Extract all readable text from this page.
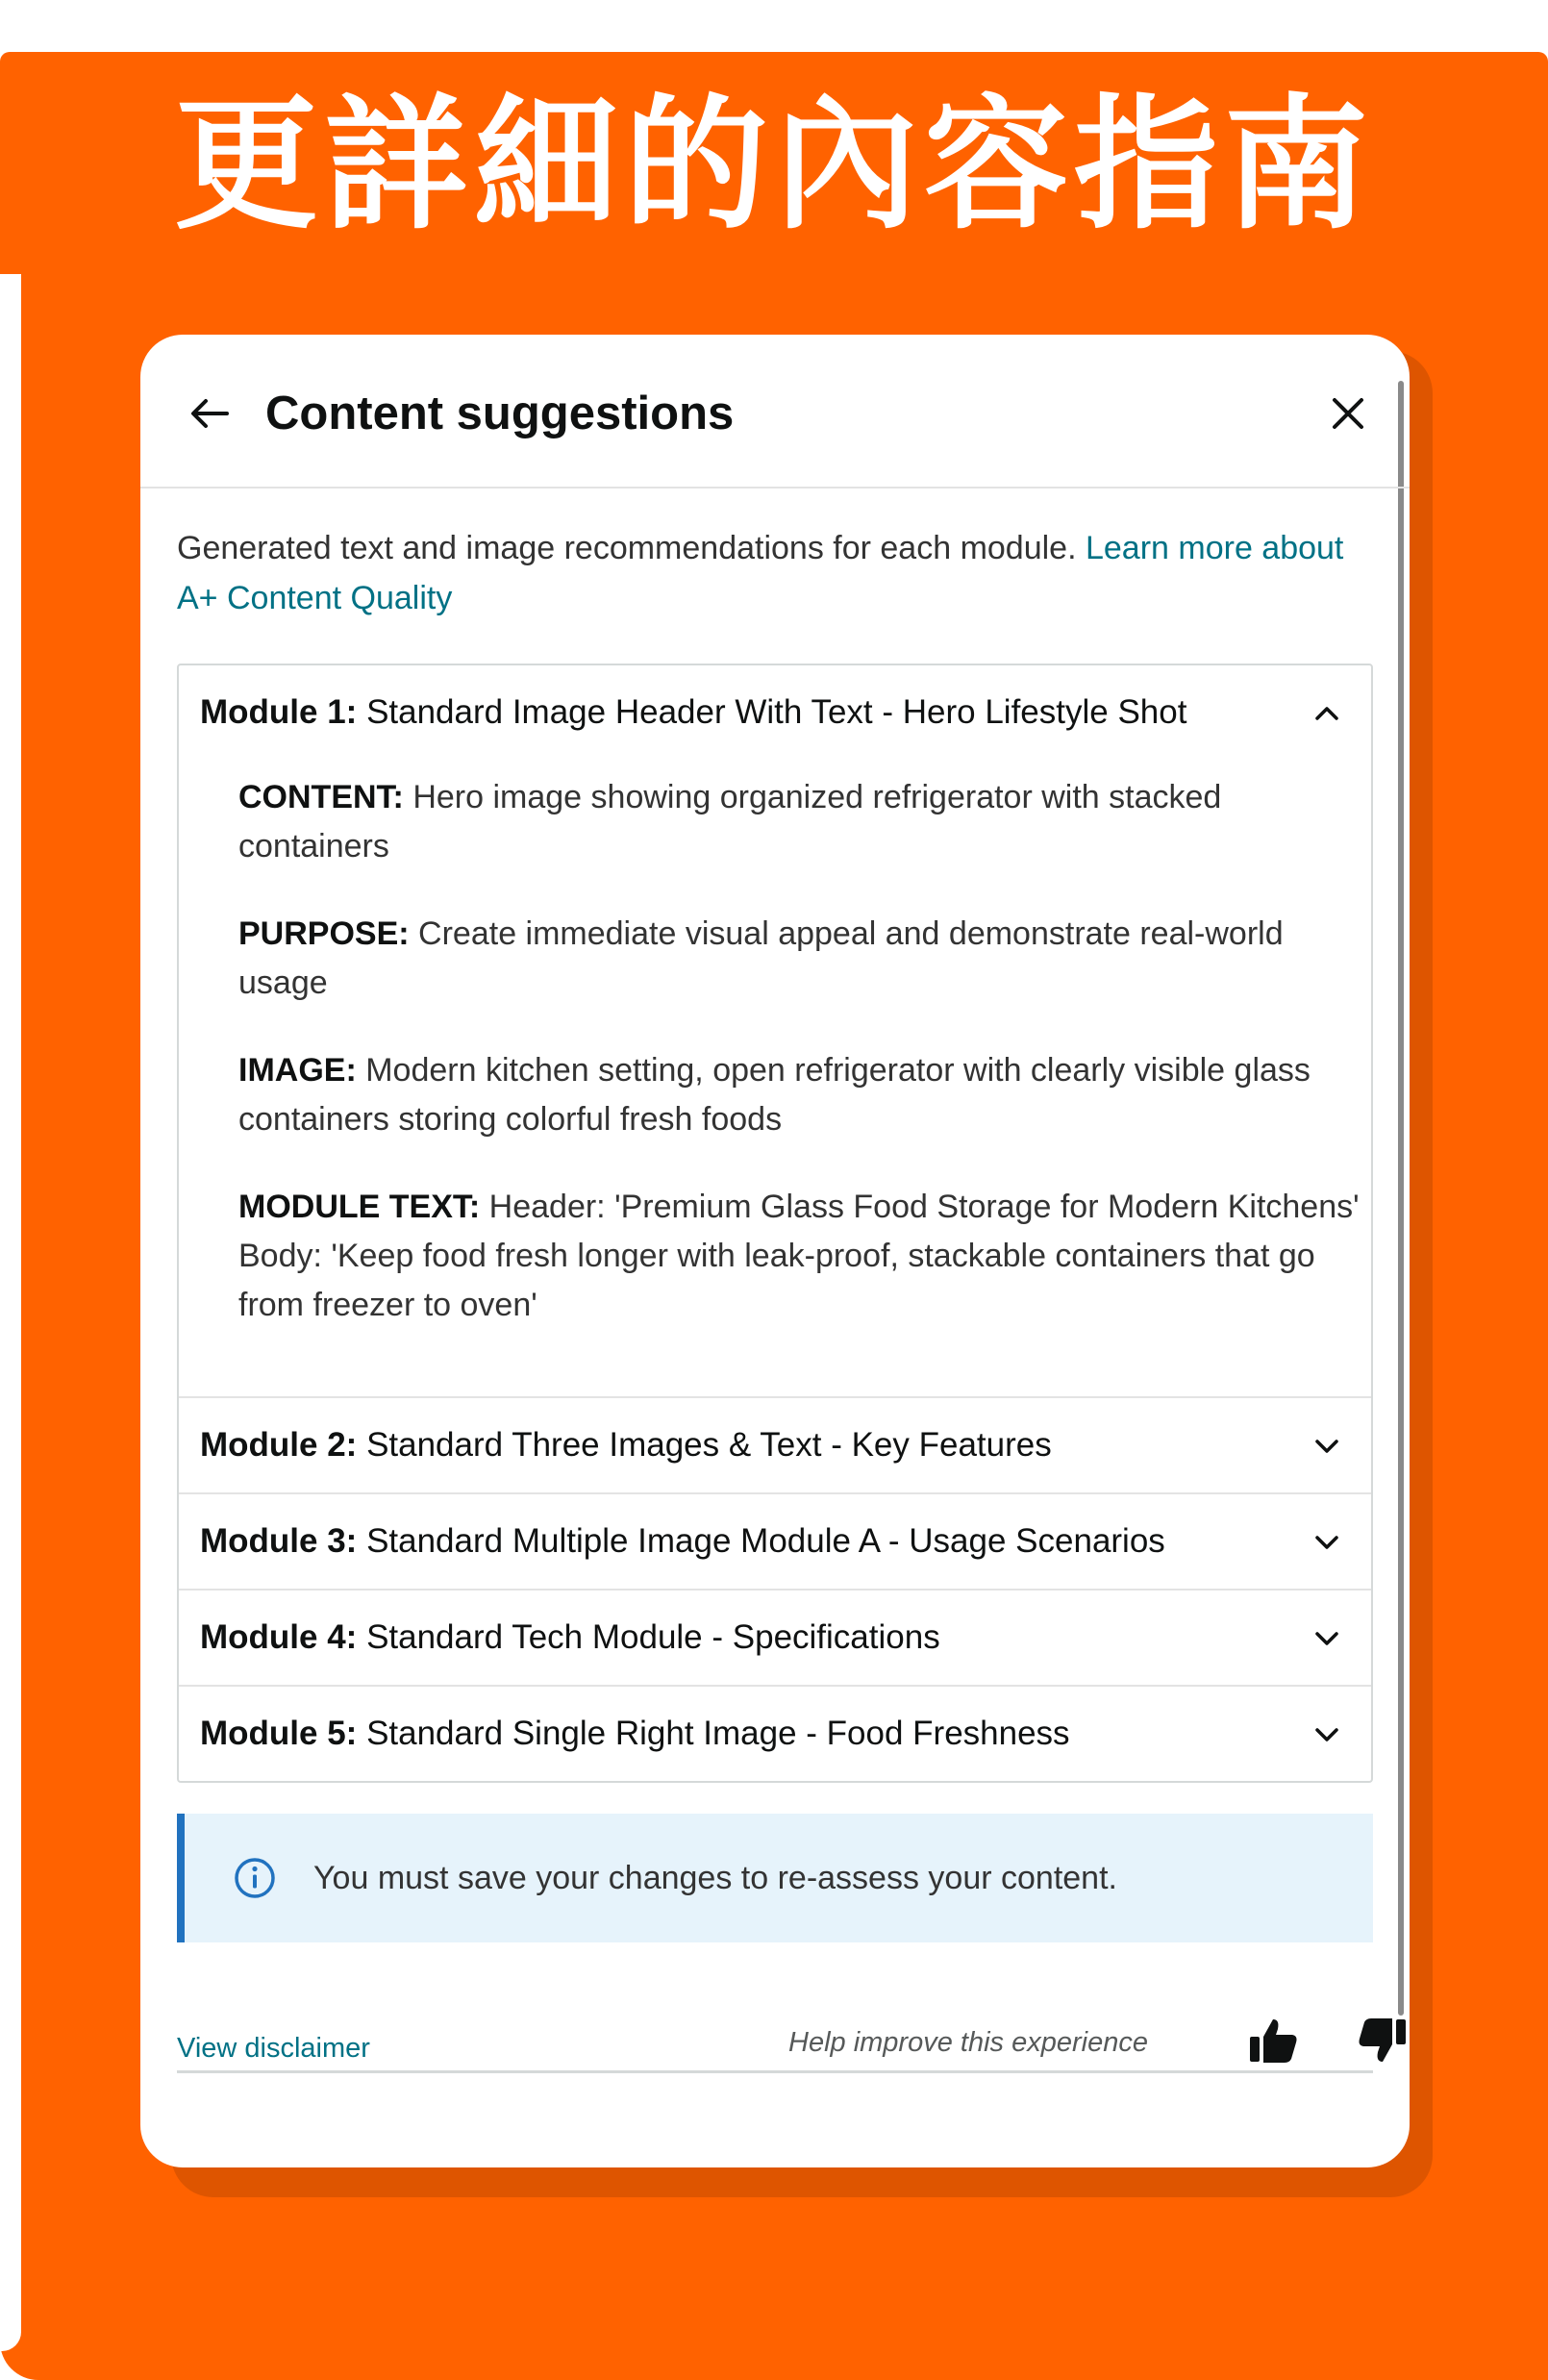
更詳細的內容指南
Content suggestions
Generated text and image recommendations for each module. Learn more about A+ Content Quality
Module 1: Standard Image Header With Text - Hero Lifestyle Shot
CONTENT: Hero image showing organized refrigerator with stacked containers
PURPOSE: Create immediate visual appeal and demonstrate real-world usage
IMAGE: Modern kitchen setting, open refrigerator with clearly visible glass containers storing colorful fresh foods
MODULE TEXT: Header: 'Premium Glass Food Storage for Modern Kitchens' Body: 'Keep food fresh longer with leak-proof, stackable containers that go from freezer to oven'
Module 2: Standard Three Images & Text - Key Features
Module 3: Standard Multiple Image Module A - Usage Scenarios
Module 4: Standard Tech Module - Specifications
Module 5: Standard Single Right Image - Food Freshness
You must save your changes to re-assess your content.
View disclaimer	Help improve this experience
